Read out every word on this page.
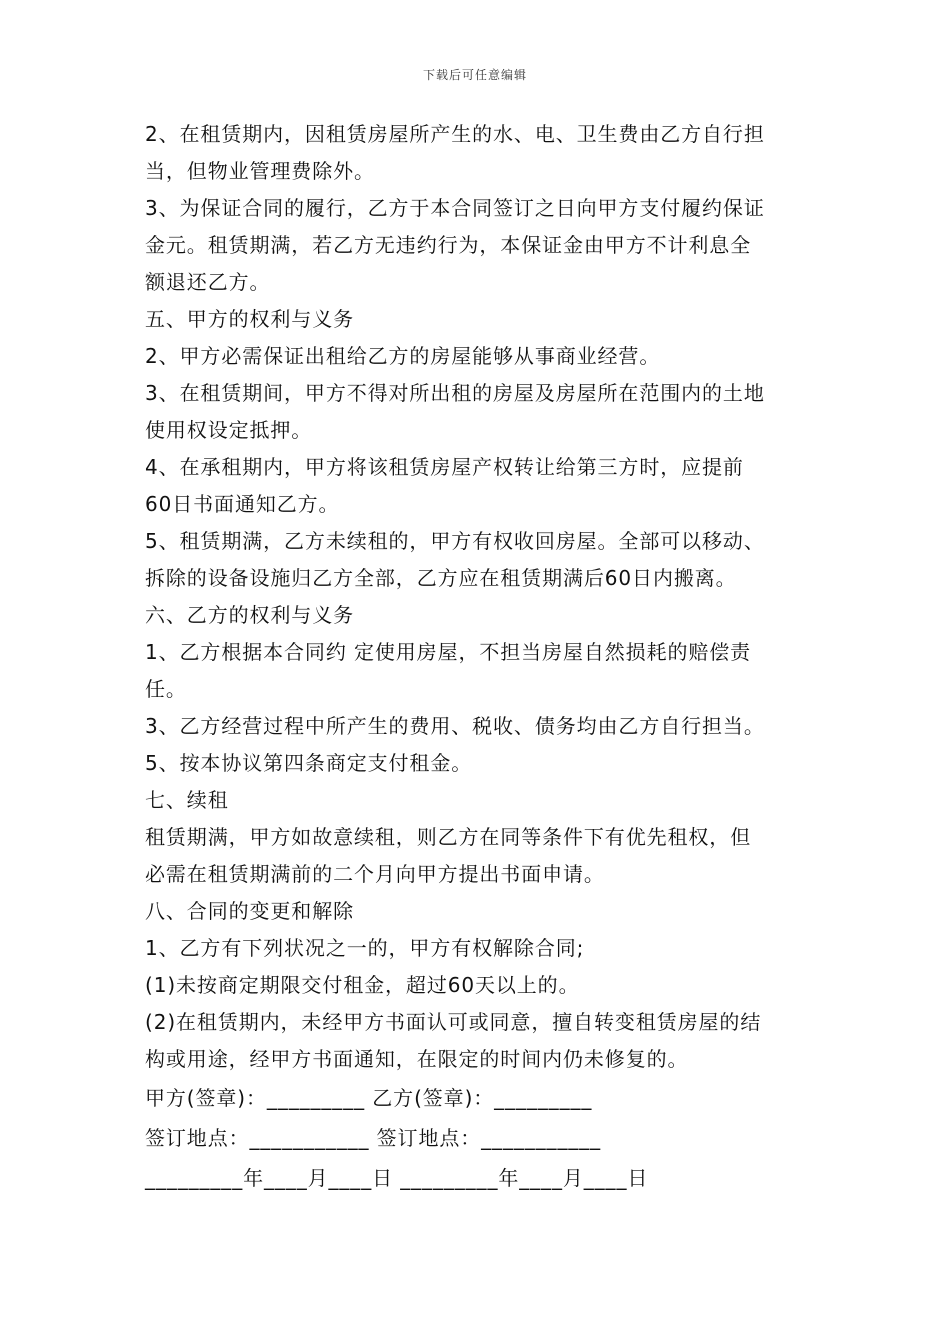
下载后可任意编辑
2、在租赁期内，因租赁房屋所产生的水、电、卫生费由乙方自行担
当，但物业管理费除外。
3、为保证合同的履行，乙方于本合同签订之日向甲方支付履约保证
金元。租赁期满，若乙方无违约行为，本保证金由甲方不计利息全
额退还乙方。
五、甲方的权利与义务
2、甲方必需保证出租给乙方的房屋能够从事商业经营。
3、在租赁期间，甲方不得对所出租的房屋及房屋所在范围内的土地
使用权设定抵押。
4、在承租期内，甲方将该租赁房屋产权转让给第三方时，应提前
60日书面通知乙方。
5、租赁期满，乙方未续租的，甲方有权收回房屋。全部可以移动、
拆除的设备设施归乙方全部，乙方应在租赁期满后60日内搬离。
六、乙方的权利与义务
1、乙方根据本合同约 定使用房屋，不担当房屋自然损耗的赔偿责
任。
3、乙方经营过程中所产生的费用、税收、债务均由乙方自行担当。
5、按本协议第四条商定支付租金。
七、续租
租赁期满，甲方如故意续租，则乙方在同等条件下有优先租权，但
必需在租赁期满前的二个月向甲方提出书面申请。
八、合同的变更和解除
1、乙方有下列状况之一的，甲方有权解除合同;
(1)未按商定期限交付租金，超过60天以上的。
(2)在租赁期内，未经甲方书面认可或同意，擅自转变租赁房屋的结
构或用途，经甲方书面通知，在限定的时间内仍未修复的。
甲方(签章)：_________ 乙方(签章)：_________
签订地点：___________ 签订地点：___________
_________年____月____日 _________年____月____日
